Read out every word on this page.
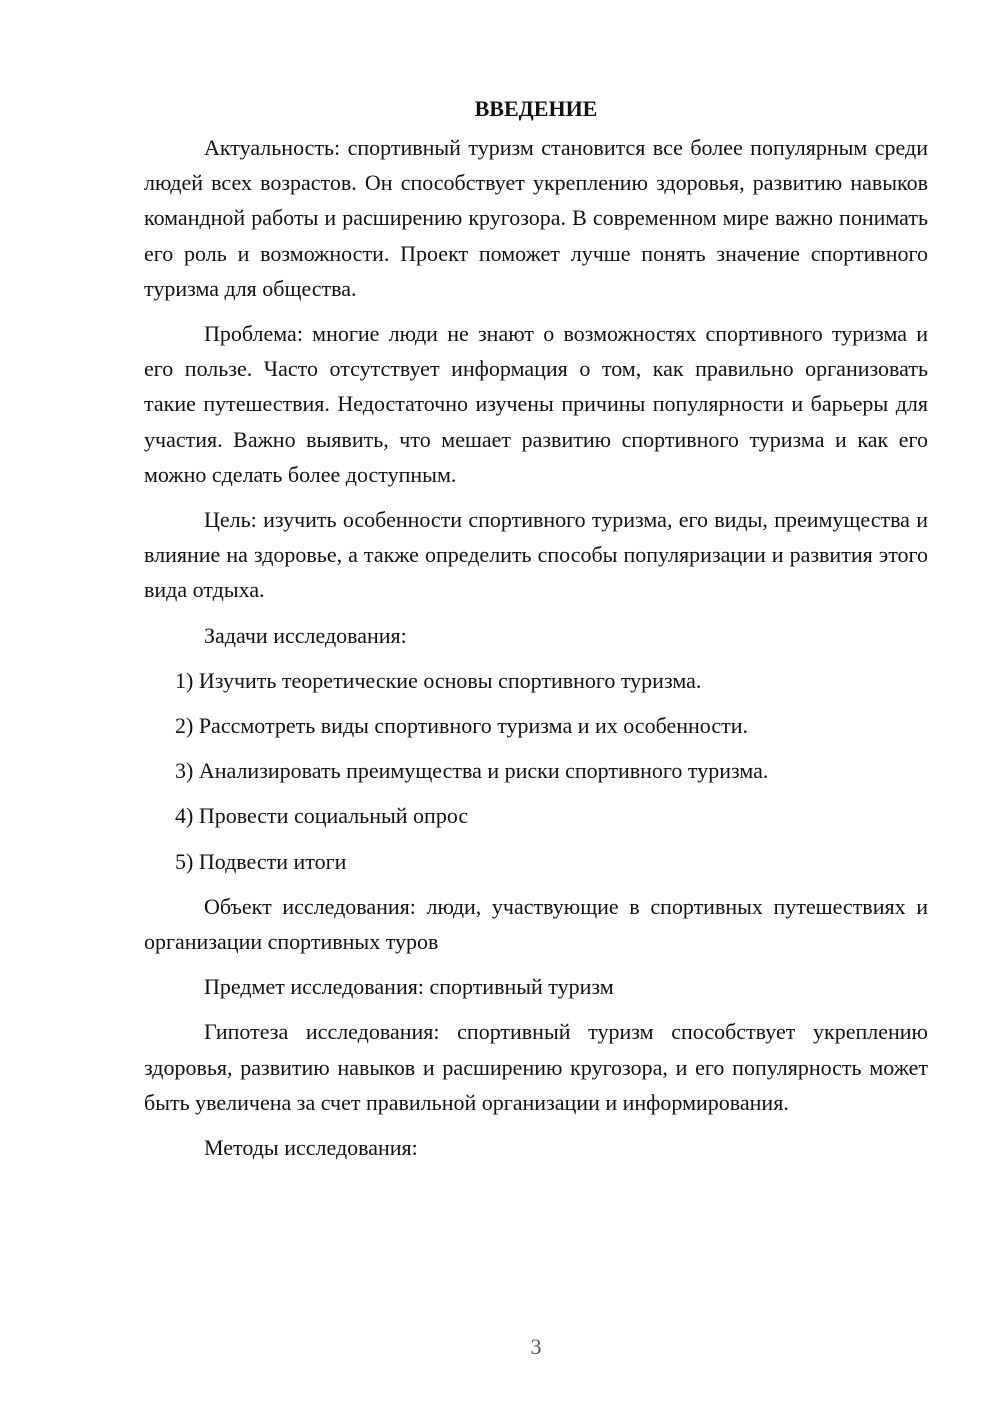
ВВЕДЕНИЕ

Актуальность: спортивный туризм становится все более популярным среди людей всех возрастов. Он способствует укреплению здоровья, развитию навыков командной работы и расширению кругозора. В современном мире важно понимать его роль и возможности. Проект поможет лучше понять значение спортивного туризма для общества.

Проблема: многие люди не знают о возможностях спортивного туризма и его пользе. Часто отсутствует информация о том, как правильно организовать такие путешествия. Недостаточно изучены причины популярности и барьеры для участия. Важно выявить, что мешает развитию спортивного туризма и как его можно сделать более доступным.

Цель: изучить особенности спортивного туризма, его виды, преимущества и влияние на здоровье, а также определить способы популяризации и развития этого вида отдыха.

Задачи исследования:

1) Изучить теоретические основы спортивного туризма.
2) Рассмотреть виды спортивного туризма и их особенности.
3) Анализировать преимущества и риски спортивного туризма.
4) Провести социальный опрос
5) Подвести итоги

Объект исследования: люди, участвующие в спортивных путешествиях и организации спортивных туров

Предмет исследования: спортивный туризм

Гипотеза исследования: спортивный туризм способствует укреплению здоровья, развитию навыков и расширению кругозора, и его популярность может быть увеличена за счет правильной организации и информирования.

Методы исследования:

3
